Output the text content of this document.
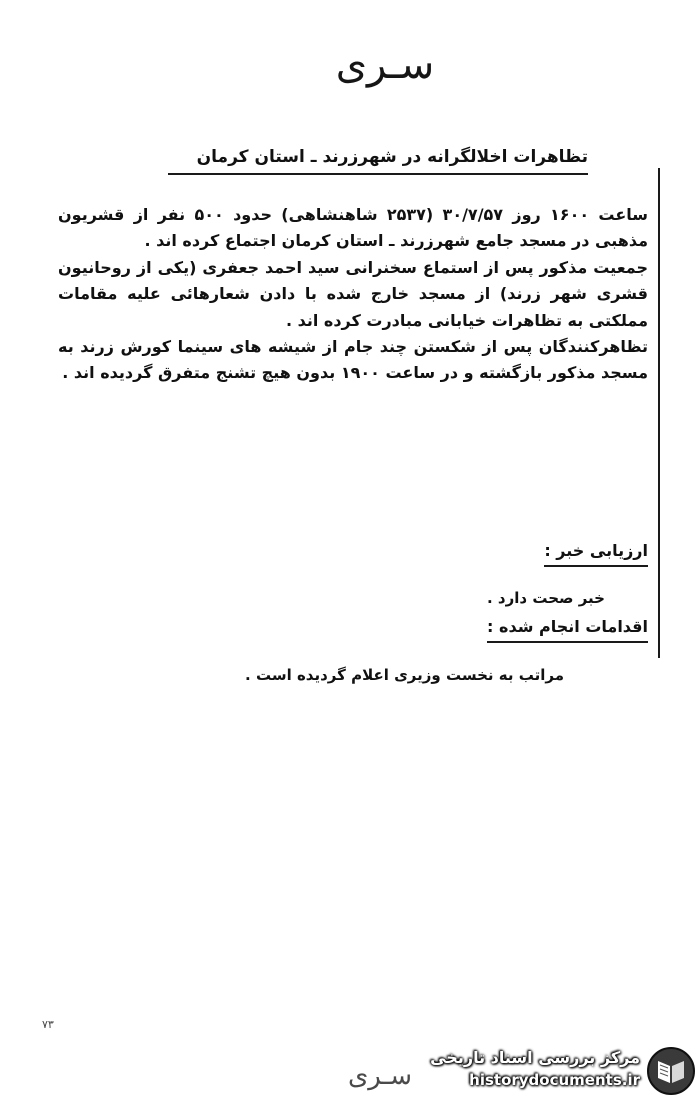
سـری
تظاهرات اخلالگرانه در شهرزرند ـ استان کرمان

ساعت ۱۶۰۰ روز ۳۰/۷/۵۷ (۲۵۳۷ شاهنشاهی) حدود ۵۰۰ نفر از قشریون مذهبی در مسجد جامع شهرزرند ـ استان کرمان اجتماع کرده اند .

جمعیت مذکور پس از استماع سخنرانی سید احمد جعفری (یکی از روحانیون قشری شهر زرند) از مسجد خارج شده با دادن شعارهائی علیه مقامات مملکتی به تظاهرات خیابانی مبادرت کرده اند .

تظاهرکنندگان پس از شکستن چند جام از شیشه های سینما کورش زرند به مسجد مذکور بازگشته و در ساعت ۱۹۰۰ بدون هیچ تشنج متفرق گردیده اند .

ارزیابی خبر :
خبر صحت دارد .
اقدامات انجام شده :
مراتب به نخست وزیری اعلام گردیده است .
۷۳
سـری
مرکز بررسی اسناد تاریخی
historydocuments.ir
